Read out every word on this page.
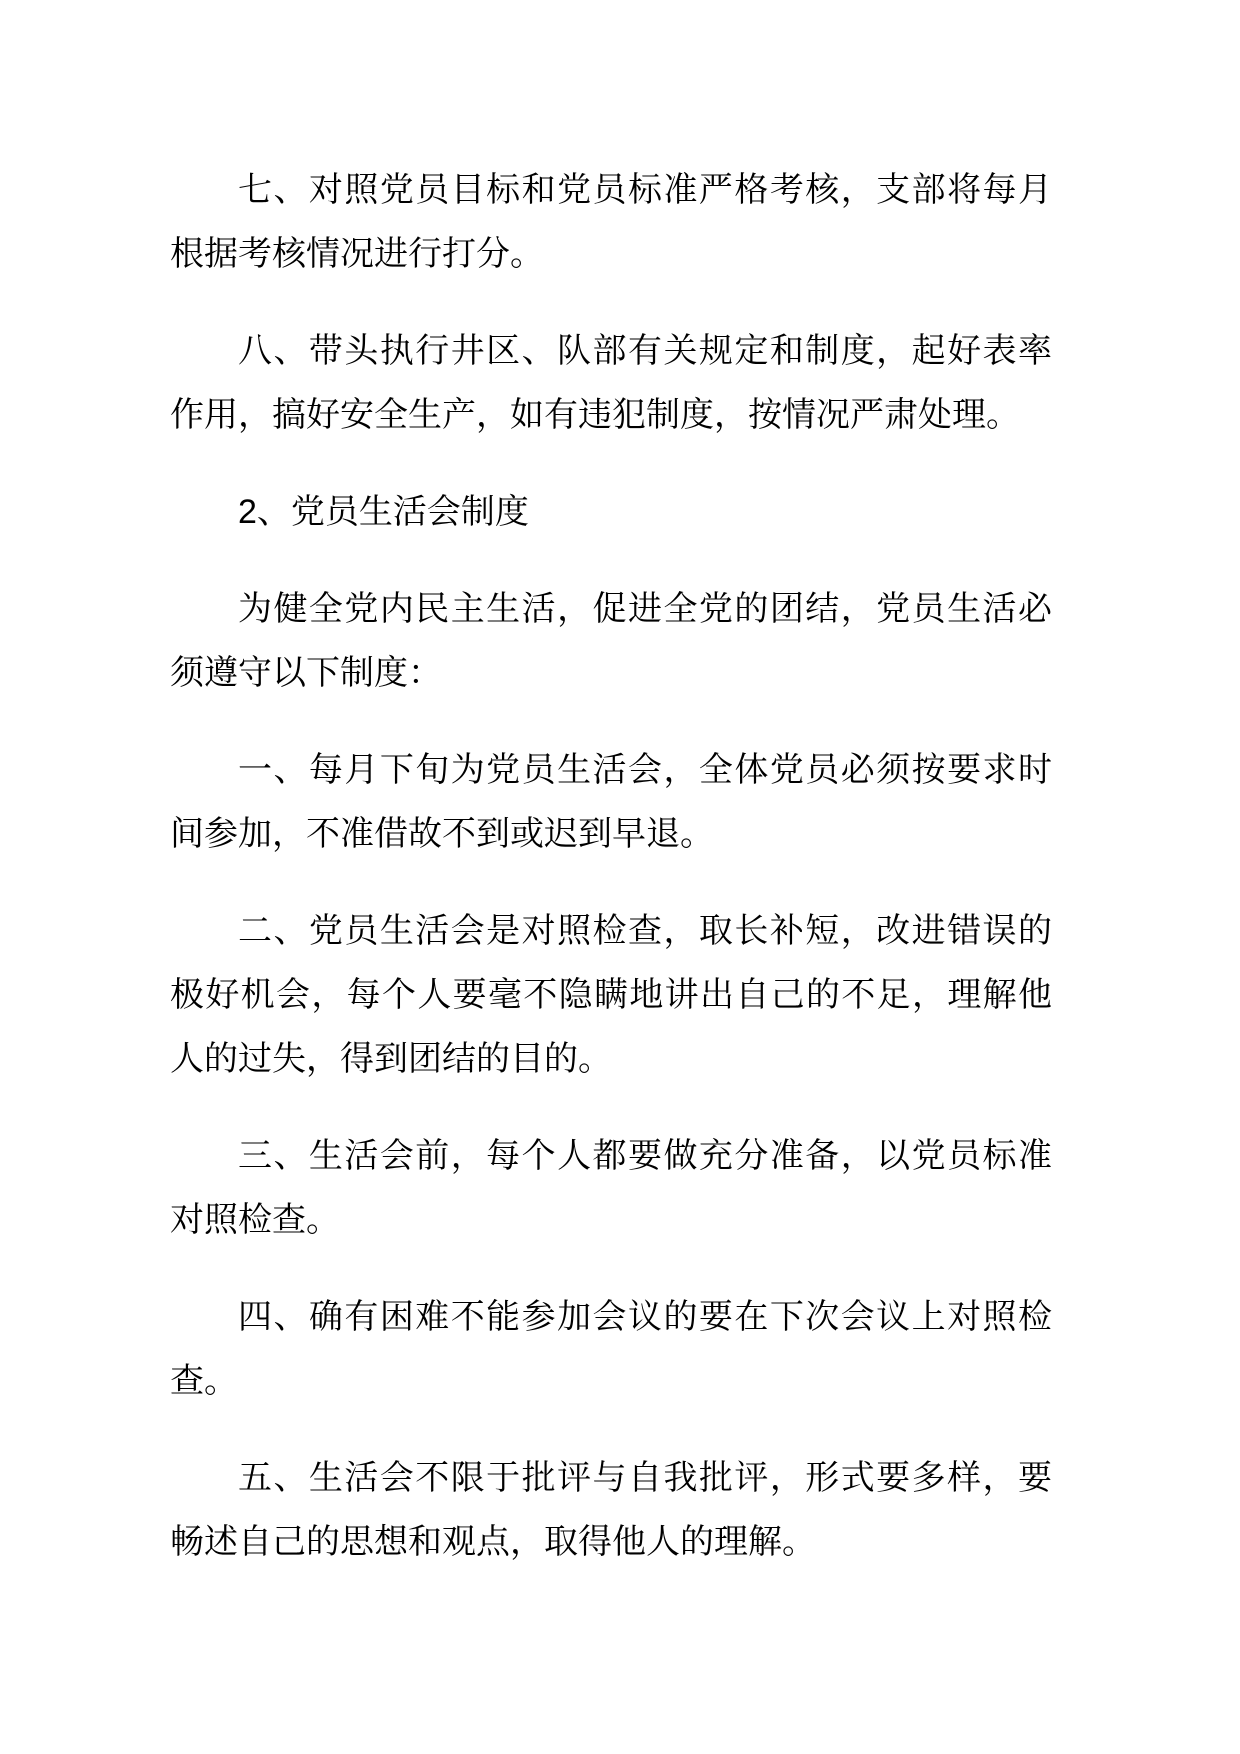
七、对照党员目标和党员标准严格考核，支部将每月根据考核情况进行打分。

八、带头执行井区、队部有关规定和制度，起好表率作用，搞好安全生产，如有违犯制度，按情况严肃处理。

2、党员生活会制度

为健全党内民主生活，促进全党的团结，党员生活必须遵守以下制度：

一、每月下旬为党员生活会，全体党员必须按要求时间参加，不准借故不到或迟到早退。

二、党员生活会是对照检查，取长补短，改进错误的极好机会，每个人要毫不隐瞒地讲出自己的不足，理解他人的过失，得到团结的目的。

三、生活会前，每个人都要做充分准备，以党员标准对照检查。

四、确有困难不能参加会议的要在下次会议上对照检查。

五、生活会不限于批评与自我批评，形式要多样，要畅述自己的思想和观点，取得他人的理解。
